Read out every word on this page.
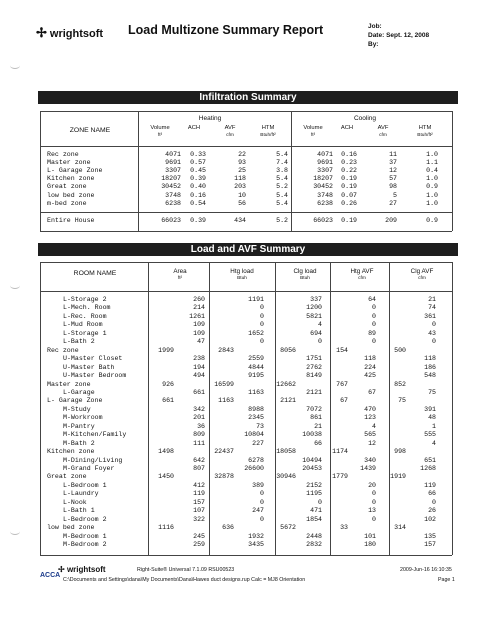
✢ wrightsoft Load Multizone Summary Report	Job:
Date: Sept. 12, 2008
By:
Infiltration Summary
ZONE NAME
Heating	Cooling
Volume
ft³
ACH	AVF
cfm
HTM
Btuh/ft²
Volume
ft³
ACH	AVF
cfm
HTM
Btuh/ft²
Rec zone	4071	0.33	22	5.4	4071	0.16	11	1.0
Master zone	9691	0.57	93	7.4	9691	0.23	37	1.1
L- Garage Zone	3307	0.45	25	3.8	3307	0.22	12	0.4
Kitchen zone	18207	0.39	118	5.4	18207	0.19	57	1.0
Great zone	30452	0.40	203	5.2	30452	0.19	98	0.9
low bed zone	3748	0.16	10	5.4	3748	0.07	5	1.0
m-bed zone	6238	0.54	56	5.4	6238	0.26	27	1.0
Entire House	66023	0.39	434	5.2	66023	0.19	209	0.9
Load and AVF Summary
ROOM NAME	Area
ft²
Htg load
Btuh
Clg load
Btuh
Htg AVF
cfm
Clg AVF
cfm
L-Storage 2	260	1191	337	64	21
L-Mech. Room	214	0	1200	0	74
L-Rec. Room	1261	0	5821	0	361
L-Mud Room	109	0	4	0	0
L-Storage 1	109	1652	694	89	43
L-Bath 2	47	0	0	0	0
Rec zone	1999	2843	8056	154	500
U-Master Closet	238	2559	1751	118	118
U-Master Bath	194	4844	2762	224	186
U-Master Bedroom	494	9195	8149	425	548
Master zone	926	16599	12662	767	852
L-Garage	661	1163	2121	67	75
L- Garage Zone	661	1163	2121	67	75
M-Study	342	8988	7072	470	391
M-Workroom	201	2345	861	123	48
M-Pantry	36	73	21	4	1
M-Kitchen/Family	809	10804	10038	565	555
M-Bath 2	111	227	66	12	4
Kitchen zone	1498	22437	18058	1174	998
M-Dining/Living	642	6278	10494	340	651
M-Grand Foyer	807	26600	20453	1439	1268
Great zone	1450	32878	30946	1779	1919
L-Bedroom 1	412	389	2152	20	119
L-Laundry	119	0	1195	0	66
L-Nook	157	0	0	0	0
L-Bath 1	107	247	471	13	26
L-Bedroom 2	322	0	1854	0	102
low bed zone	1116	636	5672	33	314
M-Bedroom 1	245	1932	2448	101	135
M-Bedroom 2	259	3435	2832	180	157
✢ wrightsoft	Right-Suite® Universal 7.1.09 RSU00523
ACCA
C:\Documents and Settings\dana\My Documents\Dana\Hawes duct designs.rup Calc = MJ8 Orientation
2009-Jun-16 16:10:35
Page 1
